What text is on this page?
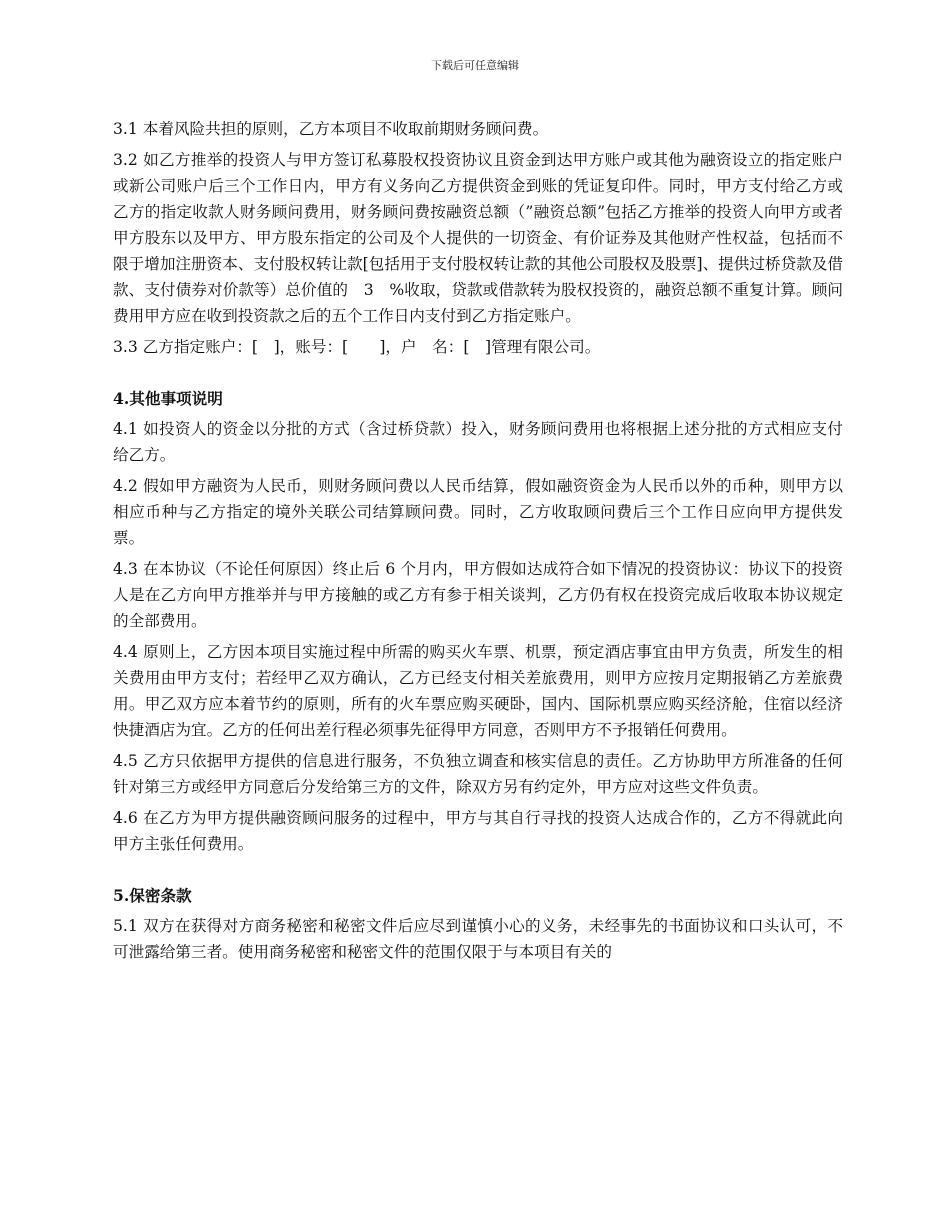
下载后可任意编辑

3.1 本着风险共担的原则，乙方本项目不收取前期财务顾问费。

3.2 如乙方推举的投资人与甲方签订私募股权投资协议且资金到达甲方账户或其他为融资设立的指定账户或新公司账户后三个工作日内，甲方有义务向乙方提供资金到账的凭证复印件。同时，甲方支付给乙方或乙方的指定收款人财务顾问费用，财务顾问费按融资总额（”融资总额”包括乙方推举的投资人向甲方或者甲方股东以及甲方、甲方股东指定的公司及个人提供的一切资金、有价证券及其他财产性权益，包括而不限于增加注册资本、支付股权转让款[包括用于支付股权转让款的其他公司股权及股票]、提供过桥贷款及借款、支付债券对价款等）总价值的　3　%收取，贷款或借款转为股权投资的，融资总额不重复计算。顾问费用甲方应在收到投资款之后的五个工作日内支付到乙方指定账户。

3.3 乙方指定账户：[　]，账号：[　　]，户　名：[　]管理有限公司。

4.其他事项说明

4.1 如投资人的资金以分批的方式（含过桥贷款）投入，财务顾问费用也将根据上述分批的方式相应支付给乙方。

4.2 假如甲方融资为人民币，则财务顾问费以人民币结算，假如融资资金为人民币以外的币种，则甲方以相应币种与乙方指定的境外关联公司结算顾问费。同时，乙方收取顾问费后三个工作日应向甲方提供发票。

4.3 在本协议（不论任何原因）终止后 6 个月内，甲方假如达成符合如下情况的投资协议：协议下的投资人是在乙方向甲方推举并与甲方接触的或乙方有参于相关谈判，乙方仍有权在投资完成后收取本协议规定的全部费用。

4.4 原则上，乙方因本项目实施过程中所需的购买火车票、机票，预定酒店事宜由甲方负责，所发生的相关费用由甲方支付；若经甲乙双方确认，乙方已经支付相关差旅费用，则甲方应按月定期报销乙方差旅费用。甲乙双方应本着节约的原则，所有的火车票应购买硬卧，国内、国际机票应购买经济舱，住宿以经济快捷酒店为宜。乙方的任何出差行程必须事先征得甲方同意，否则甲方不予报销任何费用。

4.5 乙方只依据甲方提供的信息进行服务，不负独立调查和核实信息的责任。乙方协助甲方所准备的任何针对第三方或经甲方同意后分发给第三方的文件，除双方另有约定外，甲方应对这些文件负责。

4.6 在乙方为甲方提供融资顾问服务的过程中，甲方与其自行寻找的投资人达成合作的，乙方不得就此向甲方主张任何费用。

5.保密条款

5.1 双方在获得对方商务秘密和秘密文件后应尽到谨慎小心的义务，未经事先的书面协议和口头认可，不可泄露给第三者。使用商务秘密和秘密文件的范围仅限于与本项目有关的
